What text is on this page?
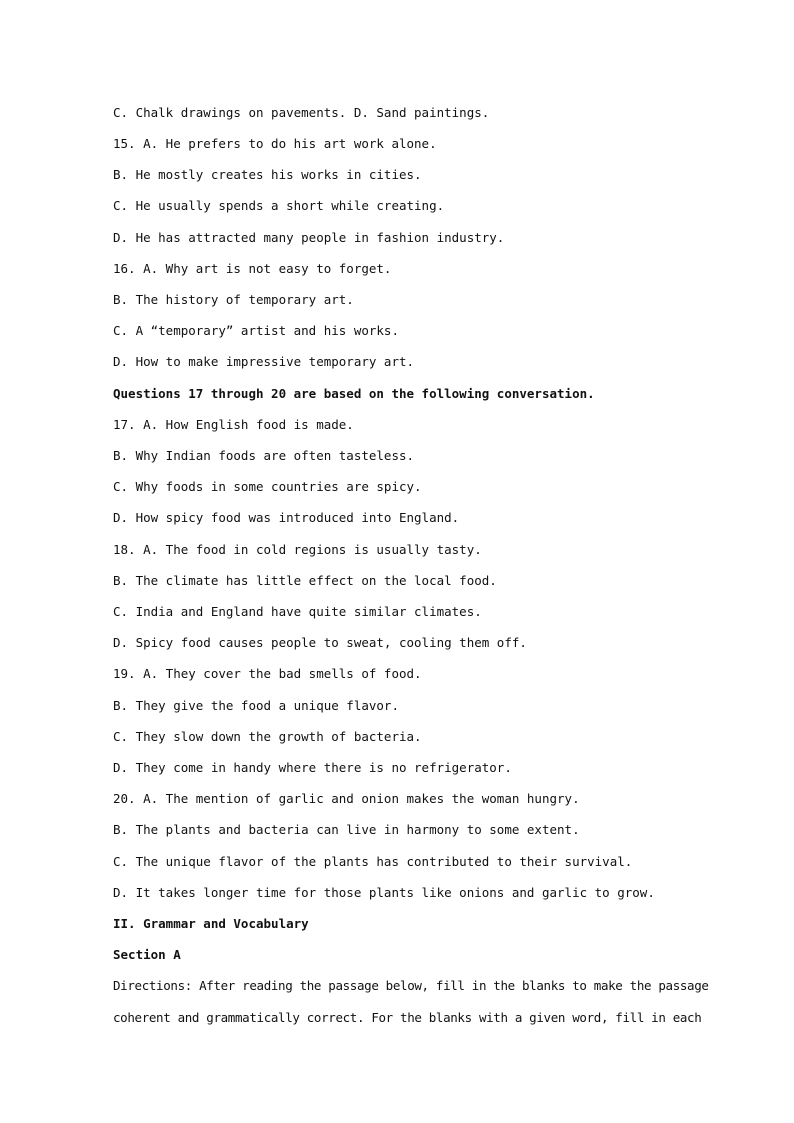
C. Chalk drawings on pavements. D. Sand paintings.
15. A. He prefers to do his art work alone.
B. He mostly creates his works in cities.
C. He usually spends a short while creating.
D. He has attracted many people in fashion industry.
16. A. Why art is not easy to forget.
B. The history of temporary art.
C. A “temporary” artist and his works.
D. How to make impressive temporary art.
Questions 17 through 20 are based on the following conversation.
17. A. How English food is made.
B. Why Indian foods are often tasteless.
C. Why foods in some countries are spicy.
D. How spicy food was introduced into England.
18. A. The food in cold regions is usually tasty.
B. The climate has little effect on the local food.
C. India and England have quite similar climates.
D. Spicy food causes people to sweat, cooling them off.
19. A. They cover the bad smells of food.
B. They give the food a unique flavor.
C. They slow down the growth of bacteria.
D. They come in handy where there is no refrigerator.
20. A. The mention of garlic and onion makes the woman hungry.
B. The plants and bacteria can live in harmony to some extent.
C. The unique flavor of the plants has contributed to their survival.
D. It takes longer time for those plants like onions and garlic to grow.
II. Grammar and Vocabulary
Section A
Directions: After reading the passage below, fill in the blanks to make the passage
coherent and grammatically correct. For the blanks with a given word, fill in each
